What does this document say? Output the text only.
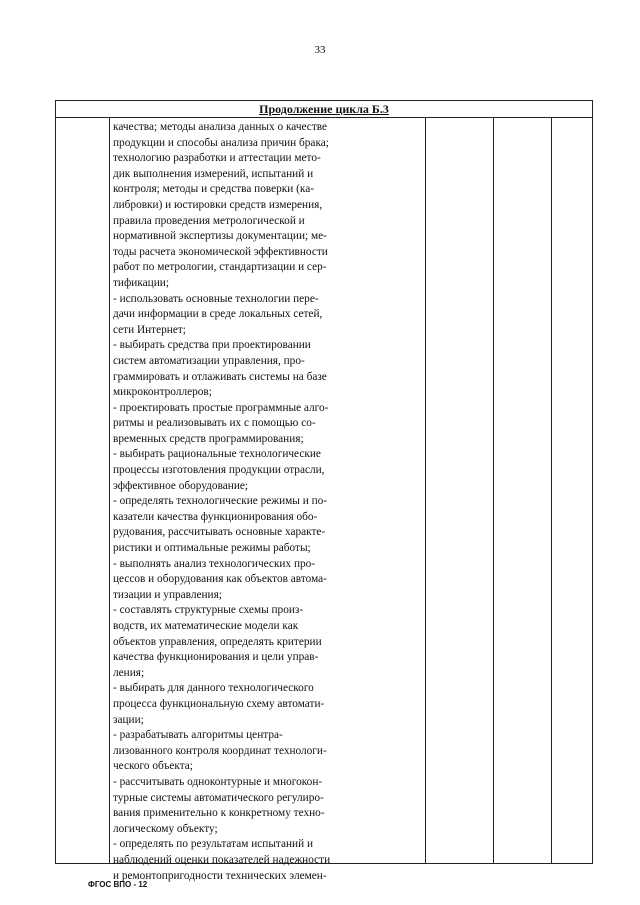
33
Продолжение цикла Б.3
качества; методы анализа данных о качестве
продукции и способы анализа причин брака;
технологию разработки и аттестации мето-
дик выполнения измерений, испытаний и
контроля; методы и средства поверки (ка-
либровки) и юстировки средств измерения,
правила проведения метрологической и
нормативной экспертизы документации; ме-
тоды расчета экономической эффективности
работ по метрологии, стандартизации и сер-
тификации;
- использовать основные технологии пере-
дачи информации в среде локальных сетей,
сети Интернет;
- выбирать средства при проектировании
систем автоматизации управления, про-
граммировать и отлаживать системы на базе
микроконтроллеров;
- проектировать простые программные алго-
ритмы и реализовывать их с помощью со-
временных средств программирования;
- выбирать рациональные технологические
процессы изготовления продукции отрасли,
эффективное оборудование;
- определять технологические режимы и по-
казатели качества функционирования обо-
рудования, рассчитывать основные характе-
ристики и оптимальные режимы работы;
- выполнять анализ технологических про-
цессов и оборудования как объектов автома-
тизации и управления;
- составлять структурные схемы произ-
водств, их математические модели как
объектов управления, определять критерии
качества функционирования и цели управ-
ления;
- выбирать для данного технологического
процесса функциональную схему автомати-
зации;
- разрабатывать алгоритмы центра-
лизованного контроля координат технологи-
ческого объекта;
- рассчитывать одноконтурные и многокон-
турные системы автоматического регулиро-
вания применительно к конкретному техно-
логическому объекту;
- определять по результатам испытаний и
наблюдений оценки показателей надежности
и ремонтопригодности технических элемен-
ФГОС ВПО - 12
